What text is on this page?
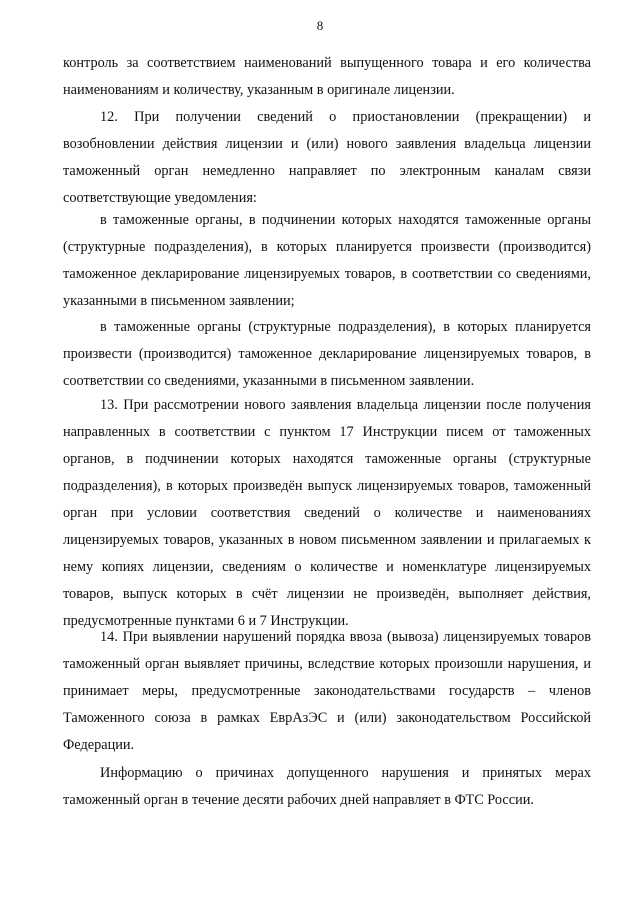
8

контроль за соответствием наименований выпущенного товара и его количества наименованиям и количеству, указанным в оригинале лицензии.

12. При получении сведений о приостановлении (прекращении) и возобновлении действия лицензии и (или) нового заявления владельца лицензии таможенный орган немедленно направляет по электронным каналам связи соответствующие уведомления:

в таможенные органы, в подчинении которых находятся таможенные органы (структурные подразделения), в которых планируется произвести (производится) таможенное декларирование лицензируемых товаров, в соответствии со сведениями, указанными в письменном заявлении;

в таможенные органы (структурные подразделения), в которых планируется произвести (производится) таможенное декларирование лицензируемых товаров, в соответствии со сведениями, указанными в письменном заявлении.

13. При рассмотрении нового заявления владельца лицензии после получения направленных в соответствии с пунктом 17 Инструкции писем от таможенных органов, в подчинении которых находятся таможенные органы (структурные подразделения), в которых произведён выпуск лицензируемых товаров, таможенный орган при условии соответствия сведений о количестве и наименованиях лицензируемых товаров, указанных в новом письменном заявлении и прилагаемых к нему копиях лицензии, сведениям о количестве и номенклатуре лицензируемых товаров, выпуск которых в счёт лицензии не произведён, выполняет действия, предусмотренные пунктами 6 и 7 Инструкции.

14. При выявлении нарушений порядка ввоза (вывоза) лицензируемых товаров таможенный орган выявляет причины, вследствие которых произошли нарушения, и принимает меры, предусмотренные законодательствами государств – членов Таможенного союза в рамках ЕврАзЭС и (или) законодательством Российской Федерации.

Информацию о причинах допущенного нарушения и принятых мерах таможенный орган в течение десяти рабочих дней направляет в ФТС России.
